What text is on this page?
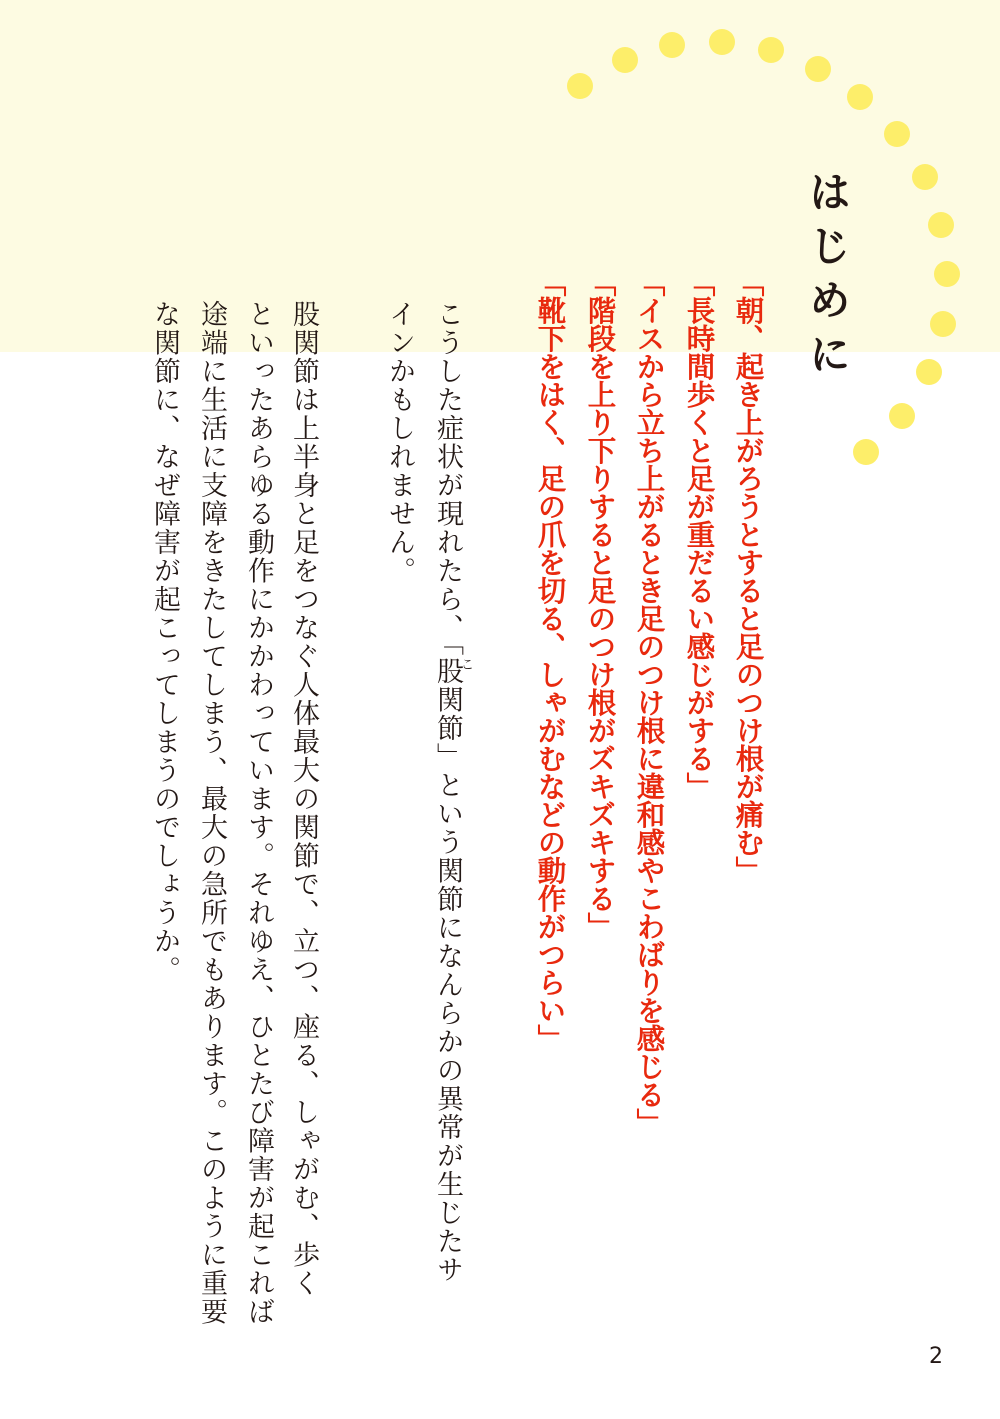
はじめに

「朝、起き上がろうとすると足のつけ根が痛む」

「長時間歩くと足が重だるい感じがする」

「イスから立ち上がるとき足のつけ根に違和感やこわばりを感じる」

「階段を上り下りすると足のつけ根がズキズキする」

「靴下をはく、足の爪を切る、しゃがむなどの動作がつらい」

こ

こうした症状が現れたら、「股関節」という関節になんらかの異常が生じたサ

インかもしれません。

股関節は上半身と足をつなぐ人体最大の関節で、立つ、座る、しゃがむ、歩く

といったあらゆる動作にかかわっています。それゆえ、ひとたび障害が起これば

途端に生活に支障をきたしてしまう、最大の急所でもあります。このように重要

な関節に、なぜ障害が起こってしまうのでしょうか。

2
